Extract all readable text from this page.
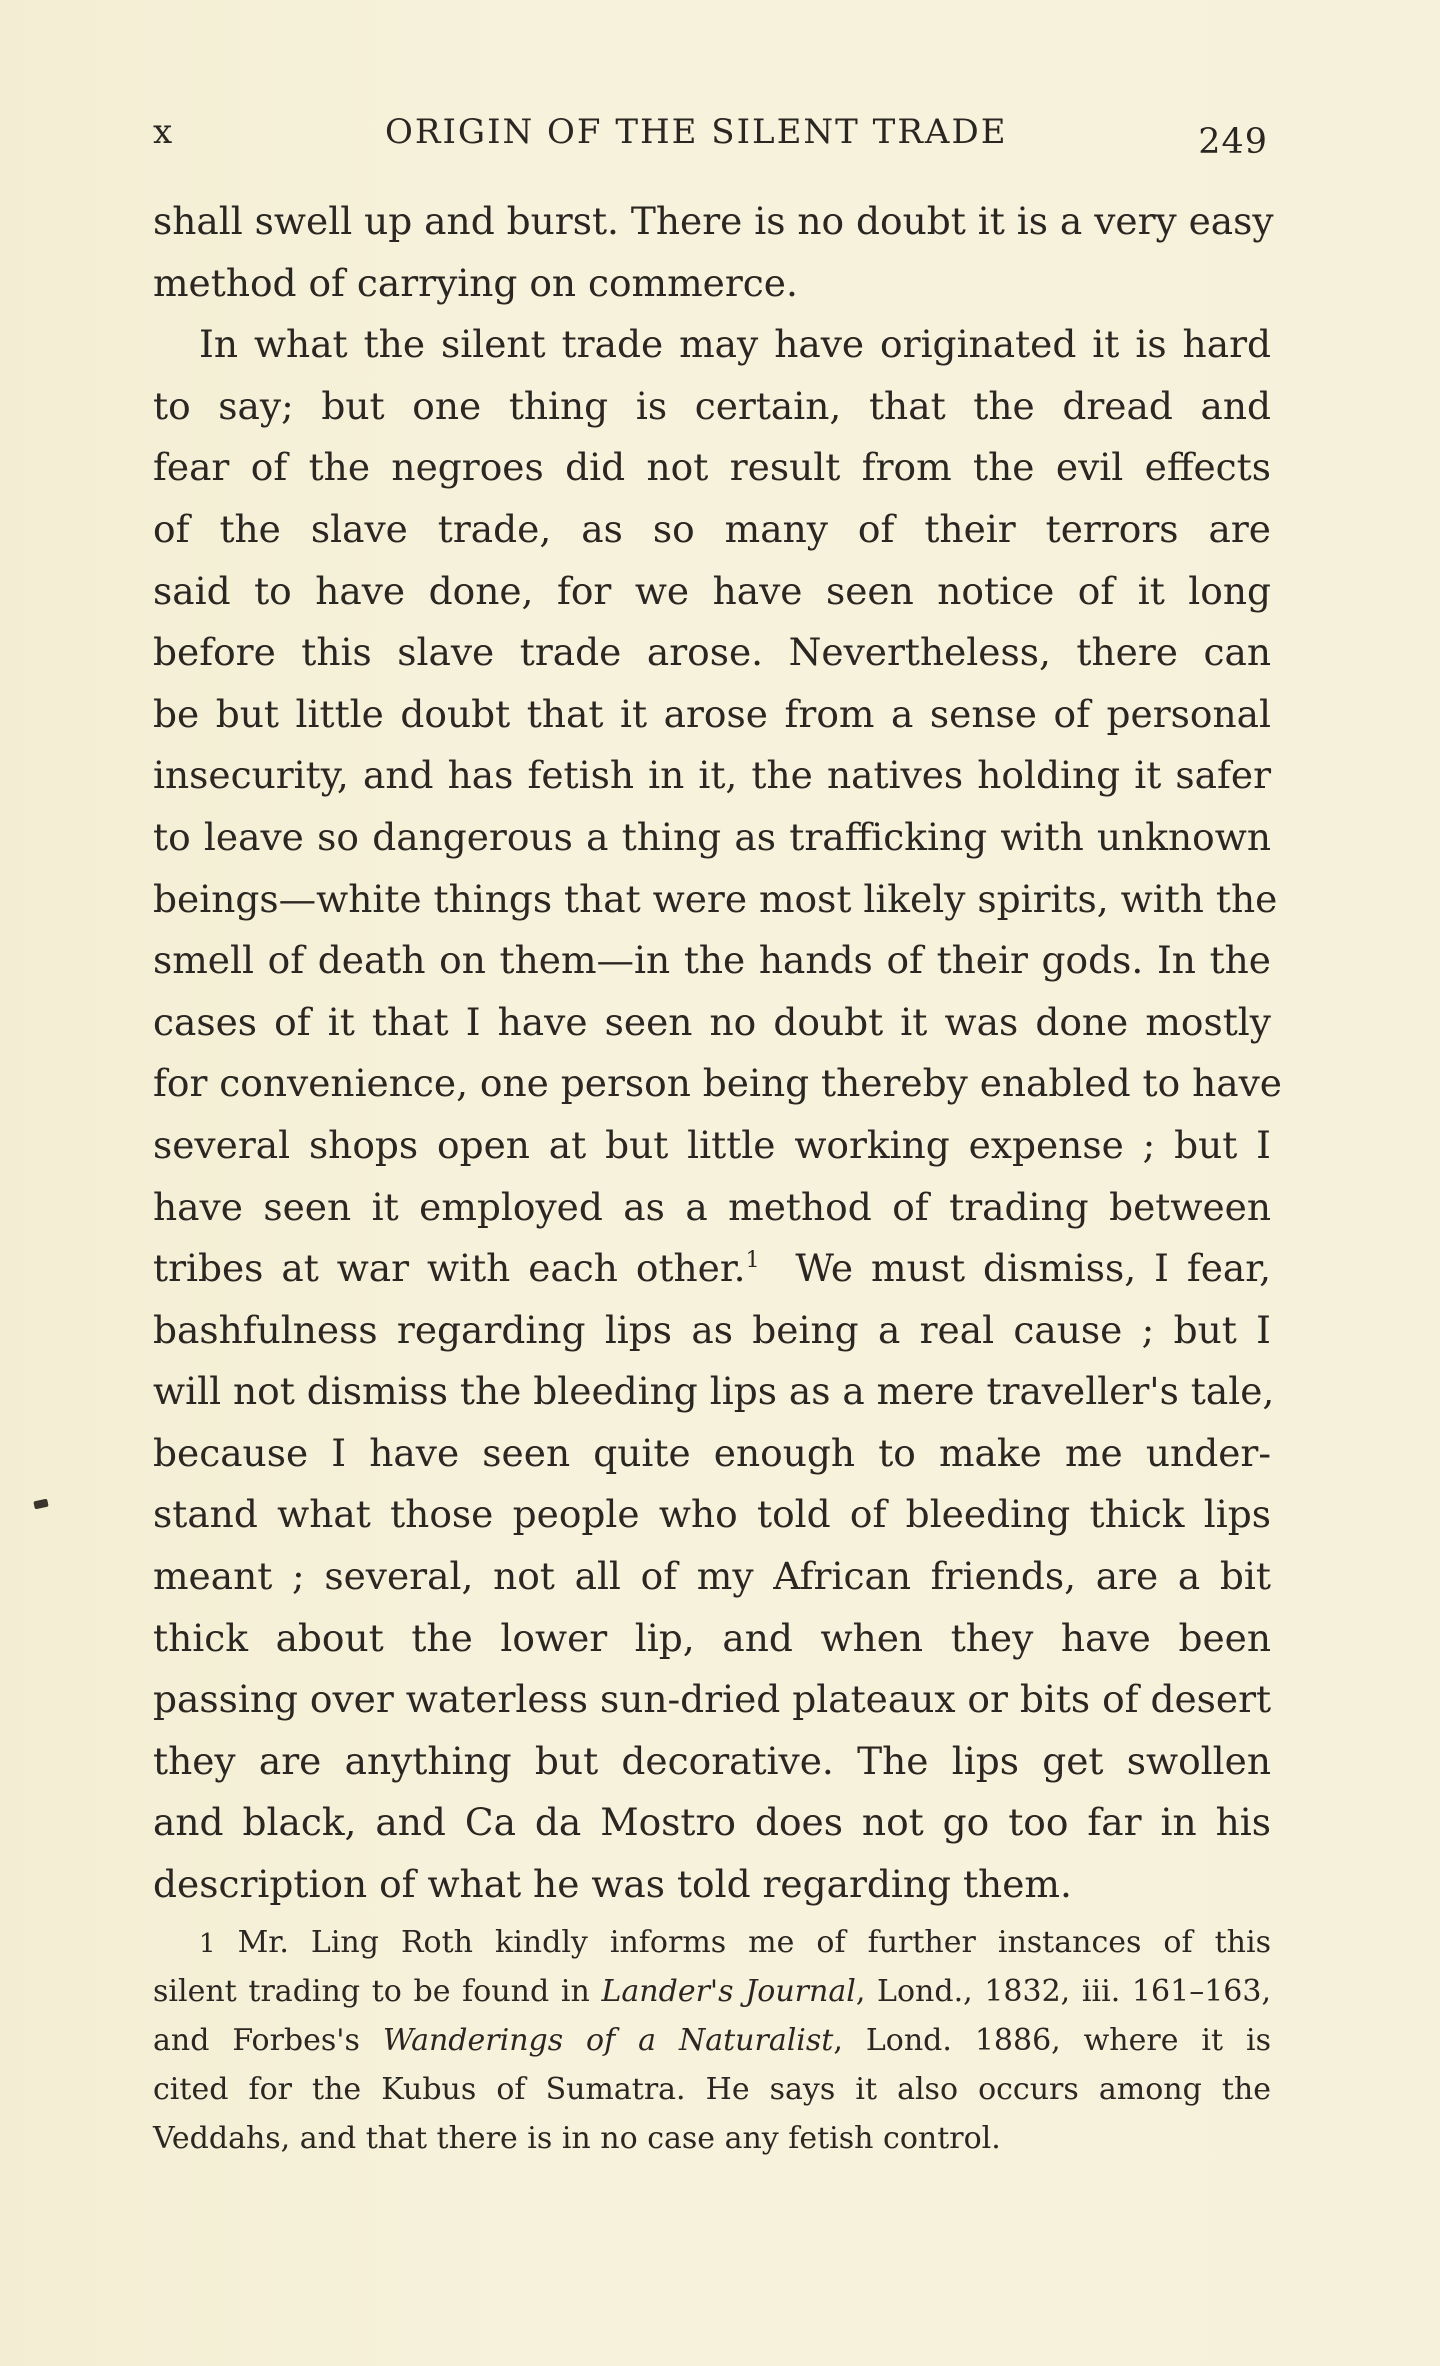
x	ORIGIN OF THE SILENT TRADE	249
shall swell up and burst. There is no doubt it is a very easy
method of carrying on commerce.
In what the silent trade may have originated it is hard
to say; but one thing is certain, that the dread and
fear of the negroes did not result from the evil effects
of the slave trade, as so many of their terrors are
said to have done, for we have seen notice of it long
before this slave trade arose. Nevertheless, there can
be but little doubt that it arose from a sense of personal
insecurity, and has fetish in it, the natives holding it safer
to leave so dangerous a thing as trafficking with unknown
beings—white things that were most likely spirits, with the
smell of death on them—in the hands of their gods. In the
cases of it that I have seen no doubt it was done mostly
for convenience, one person being thereby enabled to have
several shops open at but little working expense ; but I
have seen it employed as a method of trading between
tribes at war with each other.$^1$  We must dismiss, I fear,
bashfulness regarding lips as being a real cause ; but I
will not dismiss the bleeding lips as a mere traveller's tale,
because I have seen quite enough to make me under-
stand what those people who told of bleeding thick lips
meant ; several, not all of my African friends, are a bit
thick about the lower lip, and when they have been
passing over waterless sun-dried plateaux or bits of desert
they are anything but decorative. The lips get swollen
and black, and Ca da Mostro does not go too far in his
description of what he was told regarding them.
1 Mr. Ling Roth kindly informs me of further instances of this
silent trading to be found in Lander's Journal, Lond., 1832, iii. 161–163,
and Forbes's Wanderings of a Naturalist, Lond. 1886, where it is
cited for the Kubus of Sumatra. He says it also occurs among the
Veddahs, and that there is in no case any fetish control.
